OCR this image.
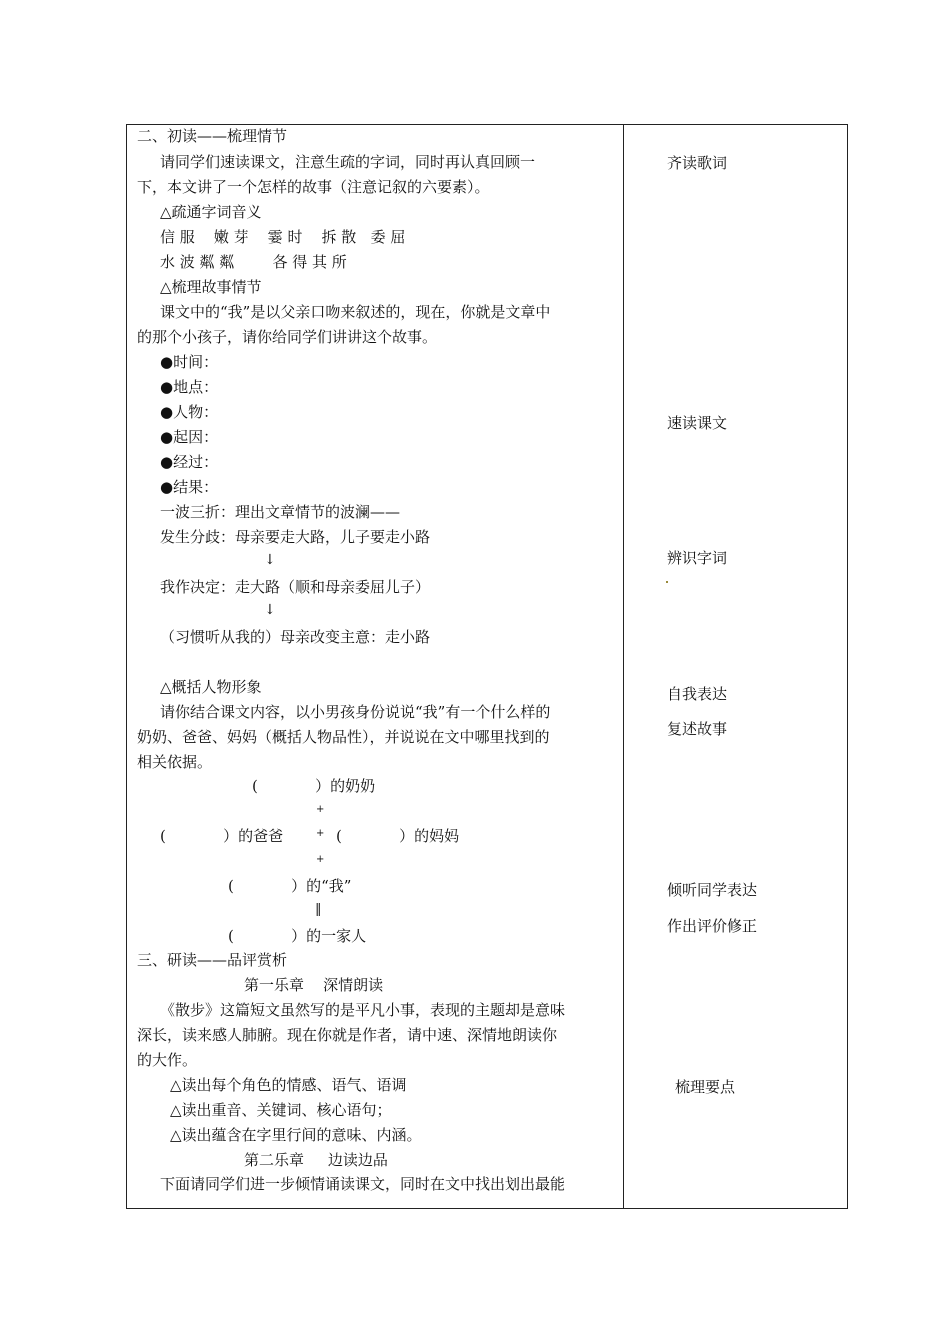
二、初读——梳理情节
请同学们速读课文，注意生疏的字词，同时再认真回顾一
下，本文讲了一个怎样的故事（注意记叙的六要素）。
△疏通字词音义
信 服    嫩 芽    霎 时    拆 散   委 屈
水 波 粼 粼        各 得 其 所
△梳理故事情节
课文中的“我”是以父亲口吻来叙述的，现在，你就是文章中
的那个小孩子，请你给同学们讲讲这个故事。
●时间：
●地点：
●人物：
●起因：
●经过：
●结果：
一波三折：理出文章情节的波澜——
发生分歧：母亲要走大路，儿子要走小路
↓
我作决定：走大路（顺和母亲委屈儿子）
↓
（习惯听从我的）母亲改变主意：走小路
△概括人物形象
请你结合课文内容，以小男孩身份说说“我”有一个什么样的
奶奶、爸爸、妈妈（概括人物品性），并说说在文中哪里找到的
相关依据。
(            ）的奶奶
+
(            ）的爸爸	+ (            ）的妈妈
+
(            ）的“我”
‖
(            ）的一家人
三、研读——品评赏析
第一乐章    深情朗读
《散步》这篇短文虽然写的是平凡小事，表现的主题却是意味
深长，读来感人肺腑。现在你就是作者，请中速、深情地朗读你
的大作。
△读出每个角色的情感、语气、语调
△读出重音、关键词、核心语句；
△读出蕴含在字里行间的意味、内涵。
第二乐章     边读边品
下面请同学们进一步倾情诵读课文，同时在文中找出划出最能
齐读歌词
速读课文
辨识字词
自我表达
复述故事
倾听同学表达
作出评价修正
梳理要点
